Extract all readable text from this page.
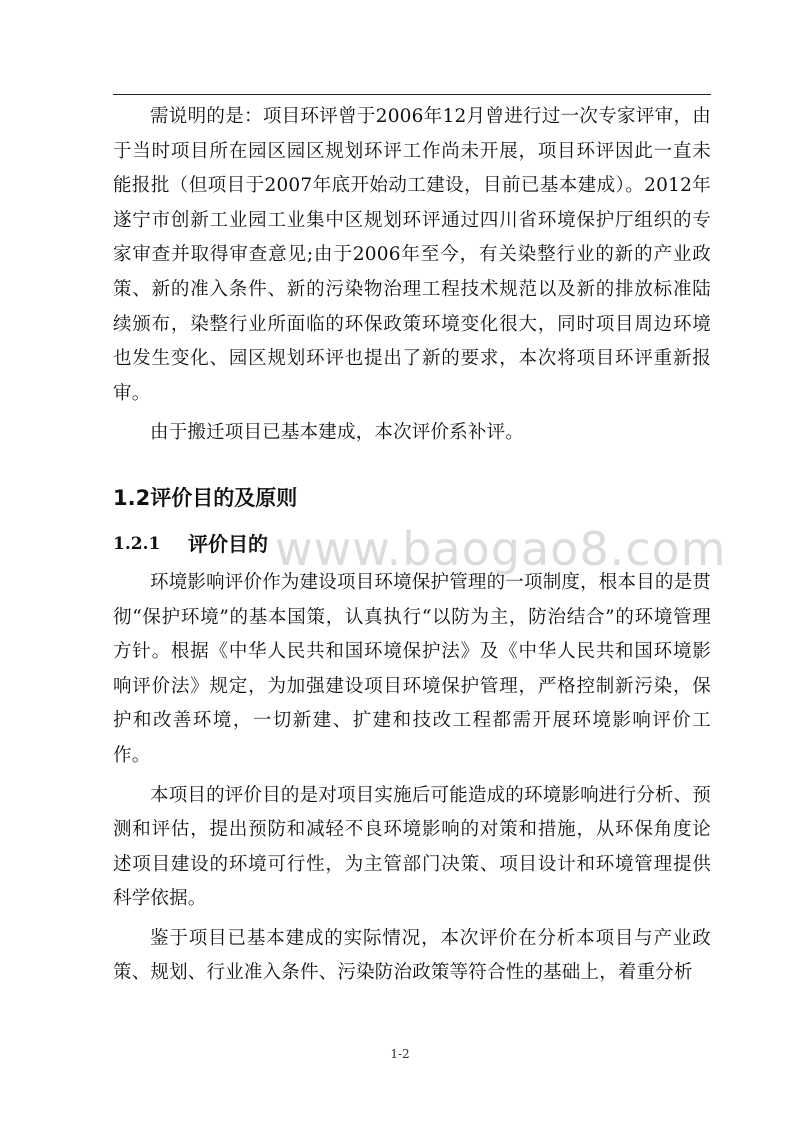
需说明的是：项目环评曾于2006年12月曾进行过一次专家评审，由于当时项目所在园区园区规划环评工作尚未开展，项目环评因此一直未能报批（但项目于2007年底开始动工建设，目前已基本建成）。2012年遂宁市创新工业园工业集中区规划环评通过四川省环境保护厅组织的专家审查并取得审查意见;由于2006年至今，有关染整行业的新的产业政策、新的准入条件、新的污染物治理工程技术规范以及新的排放标准陆续颁布，染整行业所面临的环保政策环境变化很大，同时项目周边环境也发生变化、园区规划环评也提出了新的要求，本次将项目环评重新报审。

由于搬迁项目已基本建成，本次评价系补评。

1.2评价目的及原则
1.2.1	评价目的

环境影响评价作为建设项目环境保护管理的一项制度，根本目的是贯彻“保护环境”的基本国策，认真执行“以防为主，防治结合”的环境管理方针。根据《中华人民共和国环境保护法》及《中华人民共和国环境影响评价法》规定，为加强建设项目环境保护管理，严格控制新污染，保护和改善环境，一切新建、扩建和技改工程都需开展环境影响评价工作。

本项目的评价目的是对项目实施后可能造成的环境影响进行分析、预测和评估，提出预防和减轻不良环境影响的对策和措施，从环保角度论述项目建设的环境可行性，为主管部门决策、项目设计和环境管理提供科学依据。

鉴于项目已基本建成的实际情况，本次评价在分析本项目与产业政策、规划、行业准入条件、污染防治政策等符合性的基础上，着重分析

www.baogao8.com
1-2
